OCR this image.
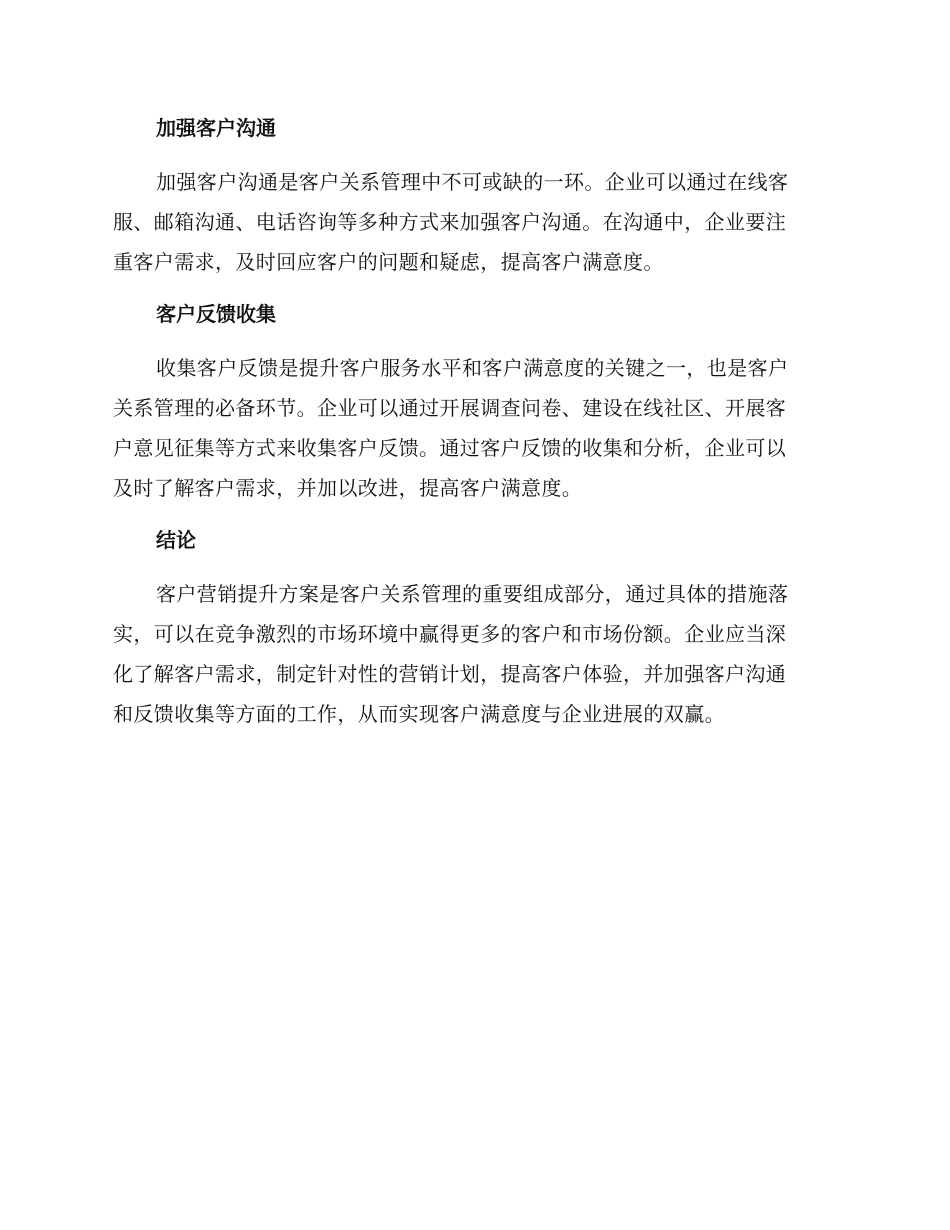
加强客户沟通

加强客户沟通是客户关系管理中不可或缺的一环。企业可以通过在线客
服、邮箱沟通、电话咨询等多种方式来加强客户沟通。在沟通中，企业要注
重客户需求，及时回应客户的问题和疑虑，提高客户满意度。

客户反馈收集

收集客户反馈是提升客户服务水平和客户满意度的关键之一，也是客户
关系管理的必备环节。企业可以通过开展调查问卷、建设在线社区、开展客
户意见征集等方式来收集客户反馈。通过客户反馈的收集和分析，企业可以
及时了解客户需求，并加以改进，提高客户满意度。

结论

客户营销提升方案是客户关系管理的重要组成部分，通过具体的措施落
实，可以在竞争激烈的市场环境中赢得更多的客户和市场份额。企业应当深
化了解客户需求，制定针对性的营销计划，提高客户体验，并加强客户沟通
和反馈收集等方面的工作，从而实现客户满意度与企业进展的双赢。
